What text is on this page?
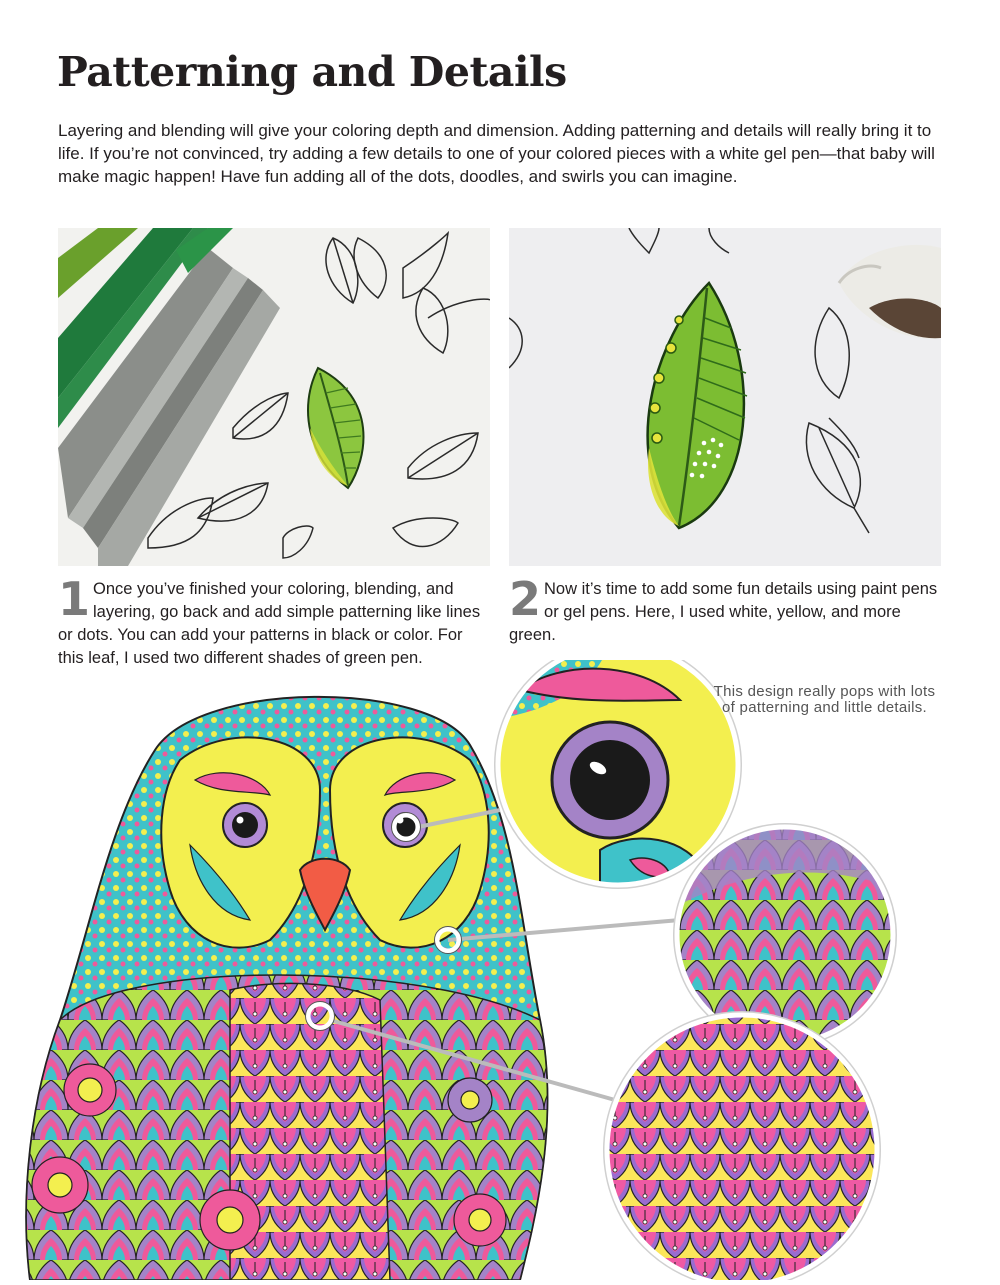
Patterning and Details

Layering and blending will give your coloring depth and dimension. Adding patterning and details will really bring it to life. If you’re not convinced, try adding a few details to one of your colored pieces with a white gel pen—that baby will make magic happen! Have fun adding all of the dots, doodles, and swirls you can imagine.

1 Once you’ve finished your coloring, blending, and layering, go back and add simple patterning like lines or dots. You can add your patterns in black or color. For this leaf, I used two different shades of green pen.

2 Now it’s time to add some fun details using paint pens or gel pens. Here, I used white, yellow, and more green.

This design really pops with lots of patterning and little details.
